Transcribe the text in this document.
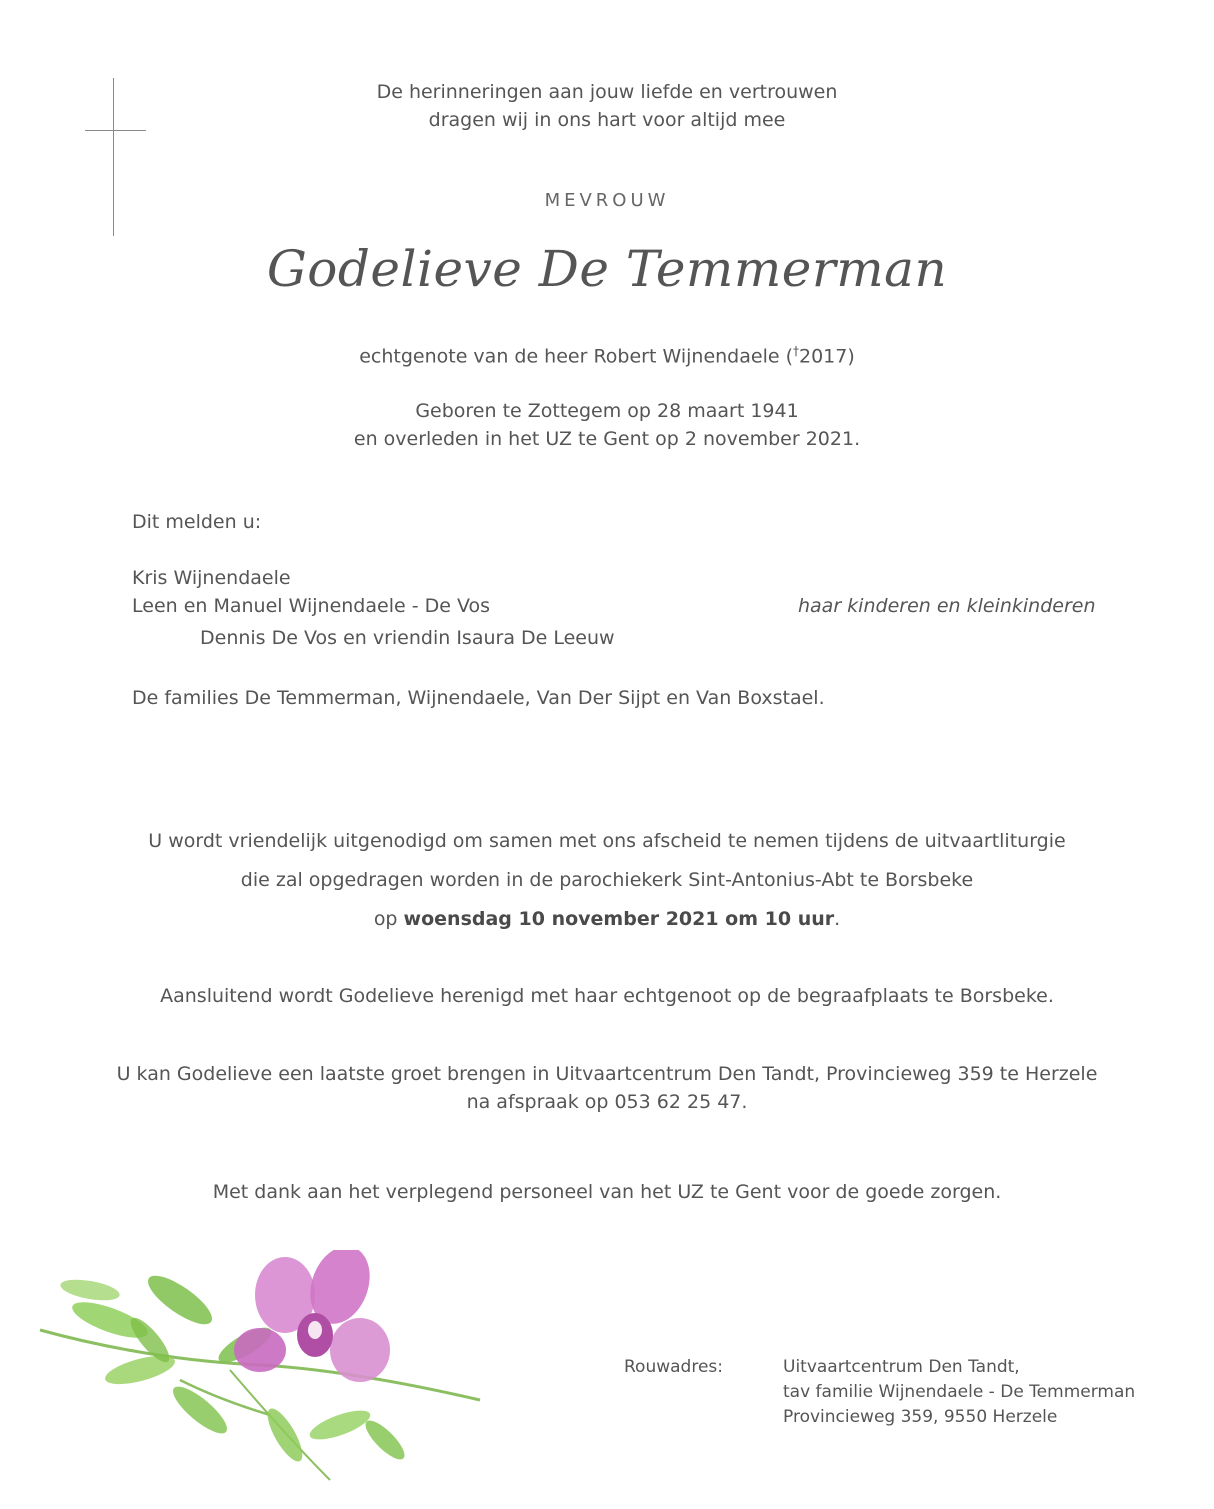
De herinneringen aan jouw liefde en vertrouwen
dragen wij in ons hart voor altijd mee
MEVROUW
Godelieve De Temmerman
echtgenote van de heer Robert Wijnendaele (†2017)
Geboren te Zottegem op 28 maart 1941
en overleden in het UZ te Gent op 2 november 2021.
Dit melden u:
Kris Wijnendaele
Leen en Manuel Wijnendaele - De Vos
Dennis De Vos en vriendin Isaura De Leeuw
haar kinderen en kleinkinderen
De families De Temmerman, Wijnendaele, Van Der Sijpt en Van Boxstael.
U wordt vriendelijk uitgenodigd om samen met ons afscheid te nemen tijdens de uitvaartliturgie
die zal opgedragen worden in de parochiekerk Sint-Antonius-Abt te Borsbeke
op woensdag 10 november 2021 om 10 uur.
Aansluitend wordt Godelieve herenigd met haar echtgenoot op de begraafplaats te Borsbeke.
U kan Godelieve een laatste groet brengen in Uitvaartcentrum Den Tandt, Provincieweg 359 te Herzele
na afspraak op 053 62 25 47.
Met dank aan het verplegend personeel van het UZ te Gent voor de goede zorgen.
Rouwadres:	Uitvaartcentrum Den Tandt,
tav familie Wijnendaele - De Temmerman
Provincieweg 359, 9550 Herzele
